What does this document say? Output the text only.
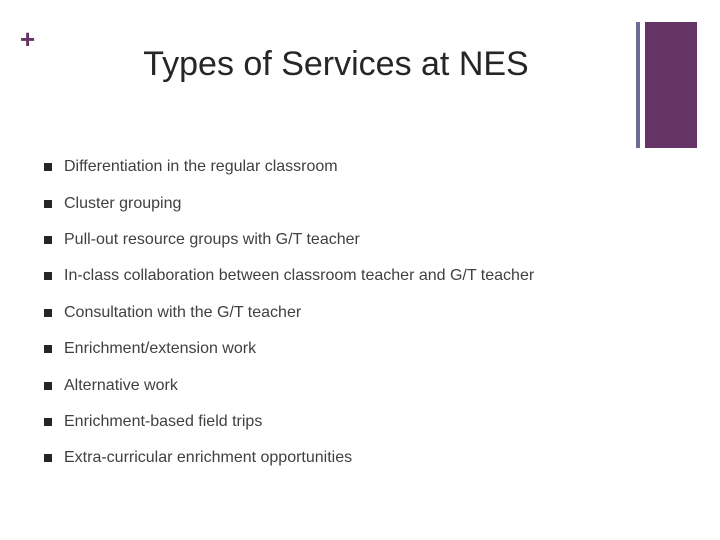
+
Types of Services at NES
Differentiation in the regular classroom
Cluster grouping
Pull-out resource groups with G/T teacher
In-class collaboration between classroom teacher and G/T teacher
Consultation with the G/T teacher
Enrichment/extension work
Alternative work
Enrichment-based field trips
Extra-curricular enrichment opportunities
